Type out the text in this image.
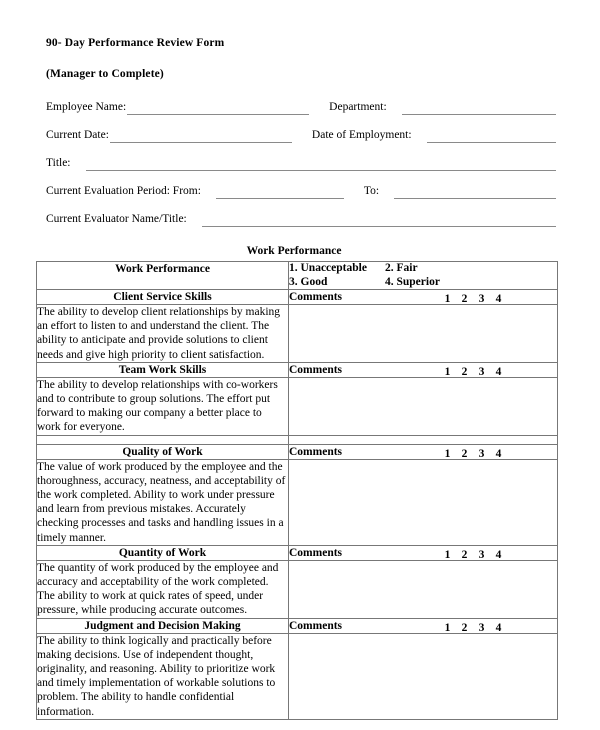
90- Day Performance Review Form
(Manager to Complete)
Employee Name:	Department:
Current Date:	Date of Employment:
Title:
Current Evaluation Period: From:	To:
Current Evaluator Name/Title:
Work Performance
Work Performance	1. Unacceptable 2. Fair
3. Good 4. Superior

Client Service Skills	Comments 1 2 3 4

The ability to develop client relationships by making an effort to listen to and understand the client. The ability to anticipate and provide solutions to client needs and give high priority to client satisfaction.	
Team Work Skills	Comments 1 2 3 4

The ability to develop relationships with co-workers and to contribute to group solutions. The effort put forward to making our company a better place to work for everyone.	

Quality of Work	Comments 1 2 3 4

The value of work produced by the employee and the thoroughness, accuracy, neatness, and acceptability of the work completed. Ability to work under pressure and learn from previous mistakes. Accurately checking processes and tasks and handling issues in a timely manner.	
Quantity of Work	Comments 1 2 3 4

The quantity of work produced by the employee and accuracy and acceptability of the work completed. The ability to work at quick rates of speed, under pressure, while producing accurate outcomes.	
Judgment and Decision Making	Comments 1 2 3 4

The ability to think logically and practically before making decisions. Use of independent thought, originality, and reasoning. Ability to prioritize work and timely implementation of workable solutions to problem. The ability to handle confidential information.	
